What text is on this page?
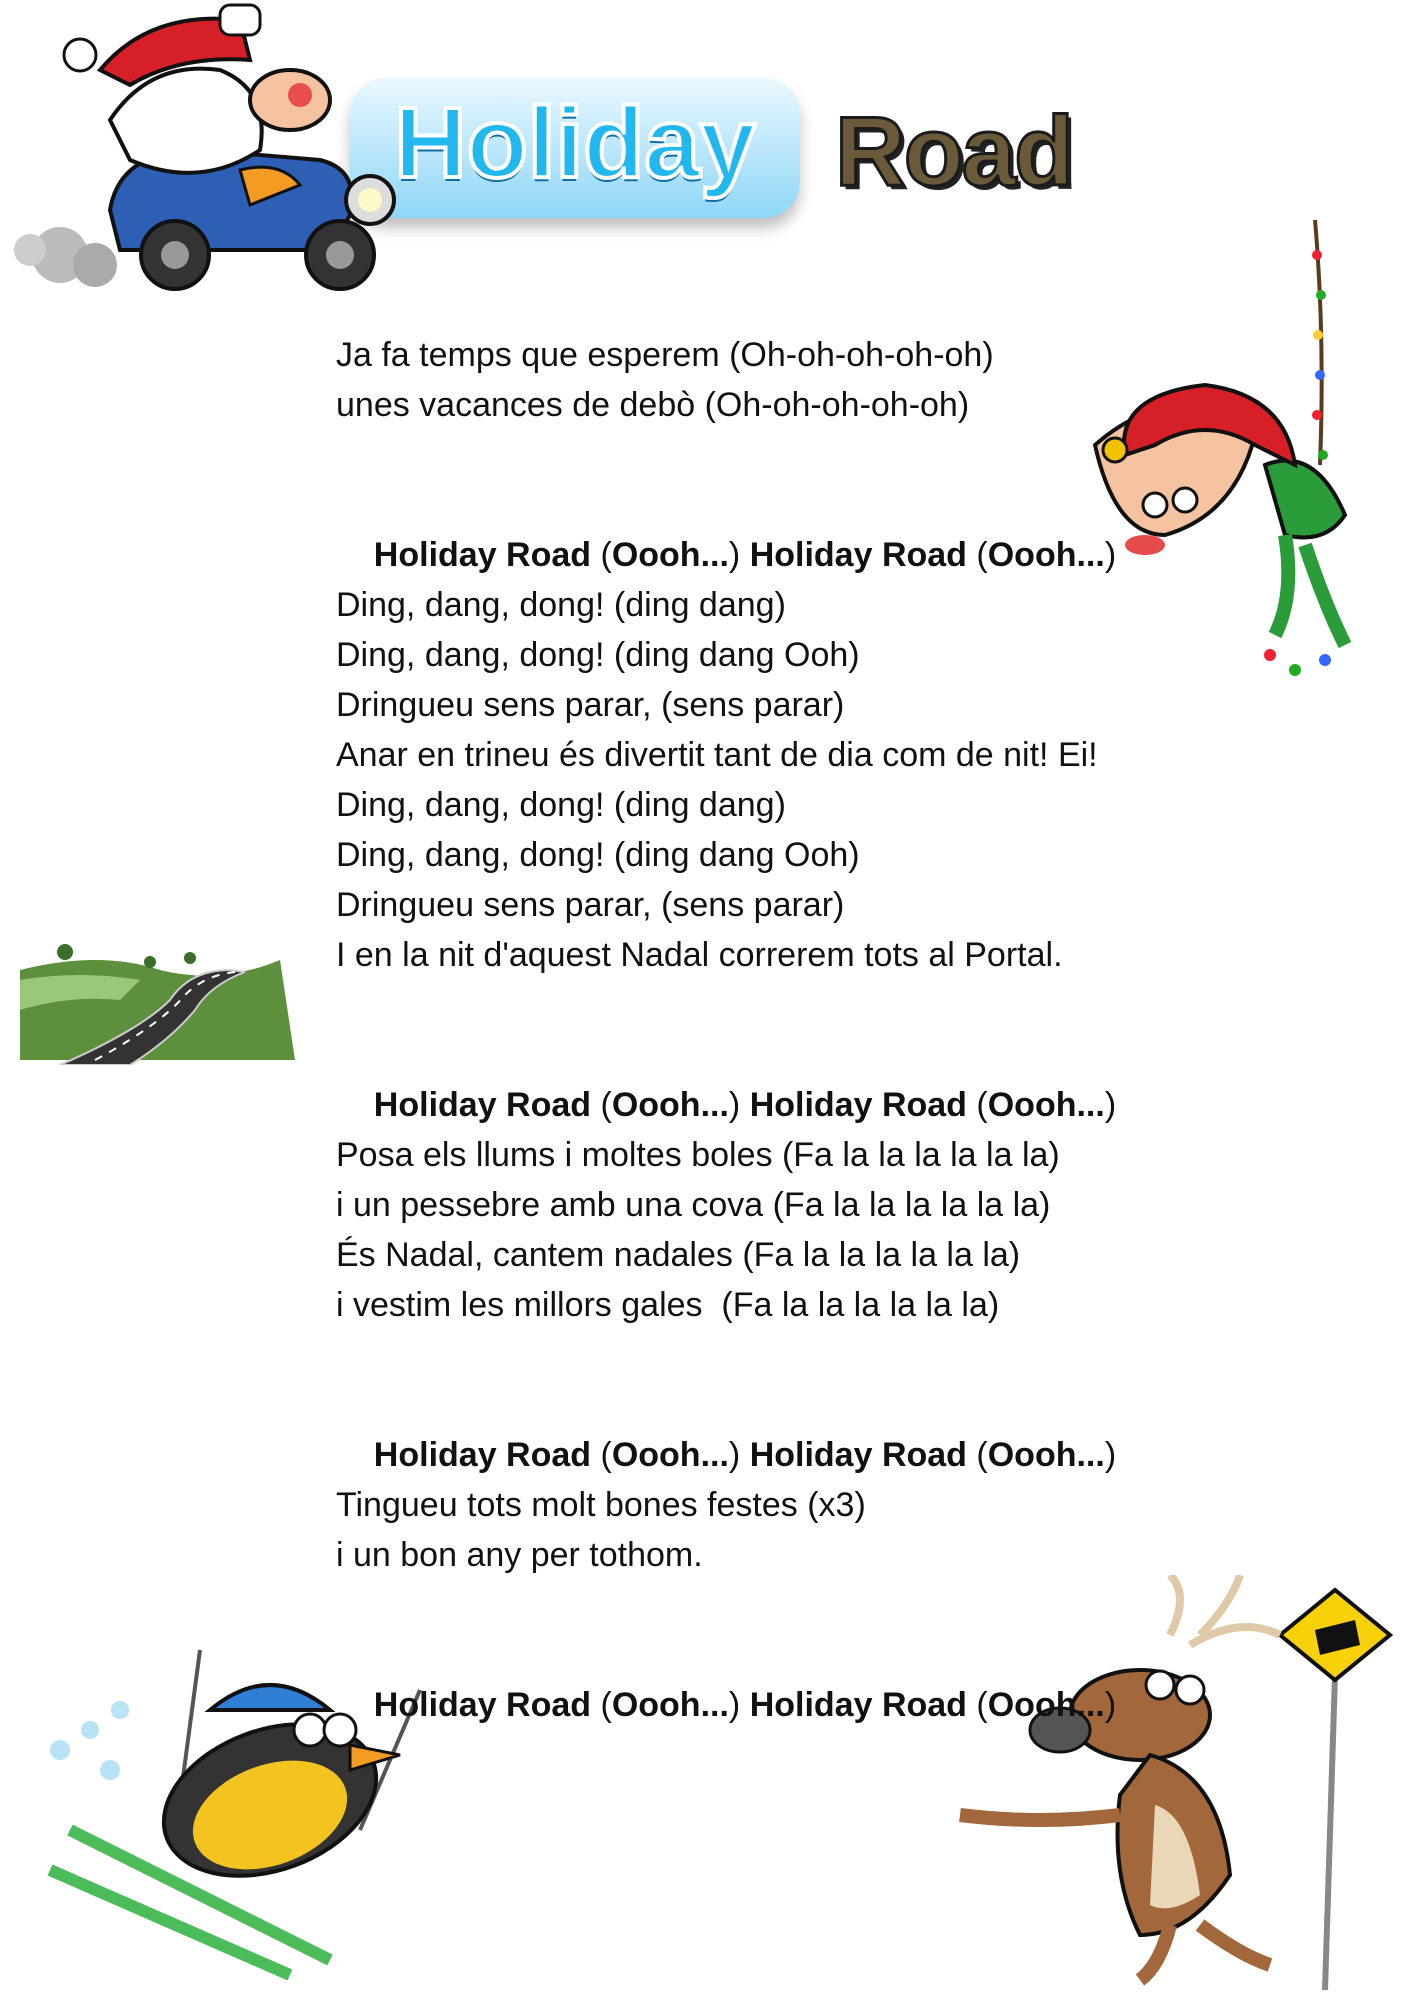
Holiday Road
Ja fa temps que esperem (Oh-oh-oh-oh-oh)
unes vacances de debò (Oh-oh-oh-oh-oh)

Holiday Road (Oooh...) Holiday Road (Oooh...)

Ding, dang, dong! (ding dang)
Ding, dang, dong! (ding dang Ooh)
Dringueu sens parar, (sens parar)
Anar en trineu és divertit tant de dia com de nit! Ei!
Ding, dang, dong! (ding dang)
Ding, dang, dong! (ding dang Ooh)
Dringueu sens parar, (sens parar)
I en la nit d'aquest Nadal correrem tots al Portal.

Holiday Road (Oooh...) Holiday Road (Oooh...)

Posa els llums i moltes boles (Fa la la la la la la)
i un pessebre amb una cova (Fa la la la la la la)
És Nadal, cantem nadales (Fa la la la la la la)
i vestim les millors gales  (Fa la la la la la la)

Holiday Road (Oooh...) Holiday Road (Oooh...)

Tingueu tots molt bones festes (x3)
i un bon any per tothom.

Holiday Road (Oooh...) Holiday Road (Oooh...)
